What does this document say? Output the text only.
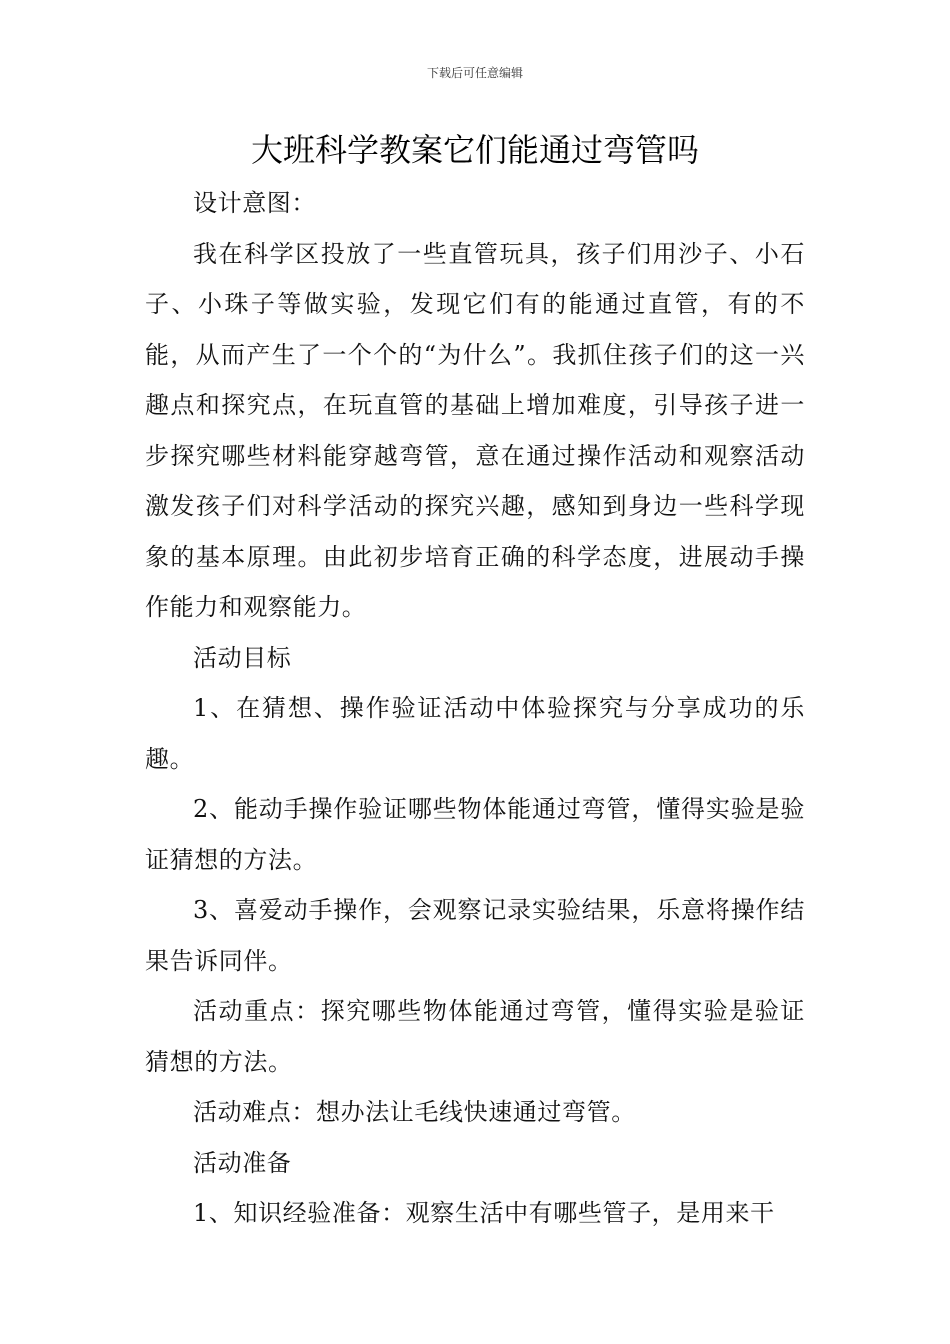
下载后可任意编辑
大班科学教案它们能通过弯管吗

设计意图：

我在科学区投放了一些直管玩具，孩子们用沙子、小石子、小珠子等做实验，发现它们有的能通过直管，有的不能，从而产生了一个个的“为什么”。我抓住孩子们的这一兴趣点和探究点，在玩直管的基础上增加难度，引导孩子进一步探究哪些材料能穿越弯管，意在通过操作活动和观察活动激发孩子们对科学活动的探究兴趣，感知到身边一些科学现象的基本原理。由此初步培育正确的科学态度，进展动手操作能力和观察能力。

活动目标

1、在猜想、操作验证活动中体验探究与分享成功的乐趣。

2、能动手操作验证哪些物体能通过弯管，懂得实验是验证猜想的方法。

3、喜爱动手操作，会观察记录实验结果，乐意将操作结果告诉同伴。

活动重点：探究哪些物体能通过弯管，懂得实验是验证猜想的方法。

活动难点：想办法让毛线快速通过弯管。

活动准备

1、知识经验准备：观察生活中有哪些管子，是用来干
